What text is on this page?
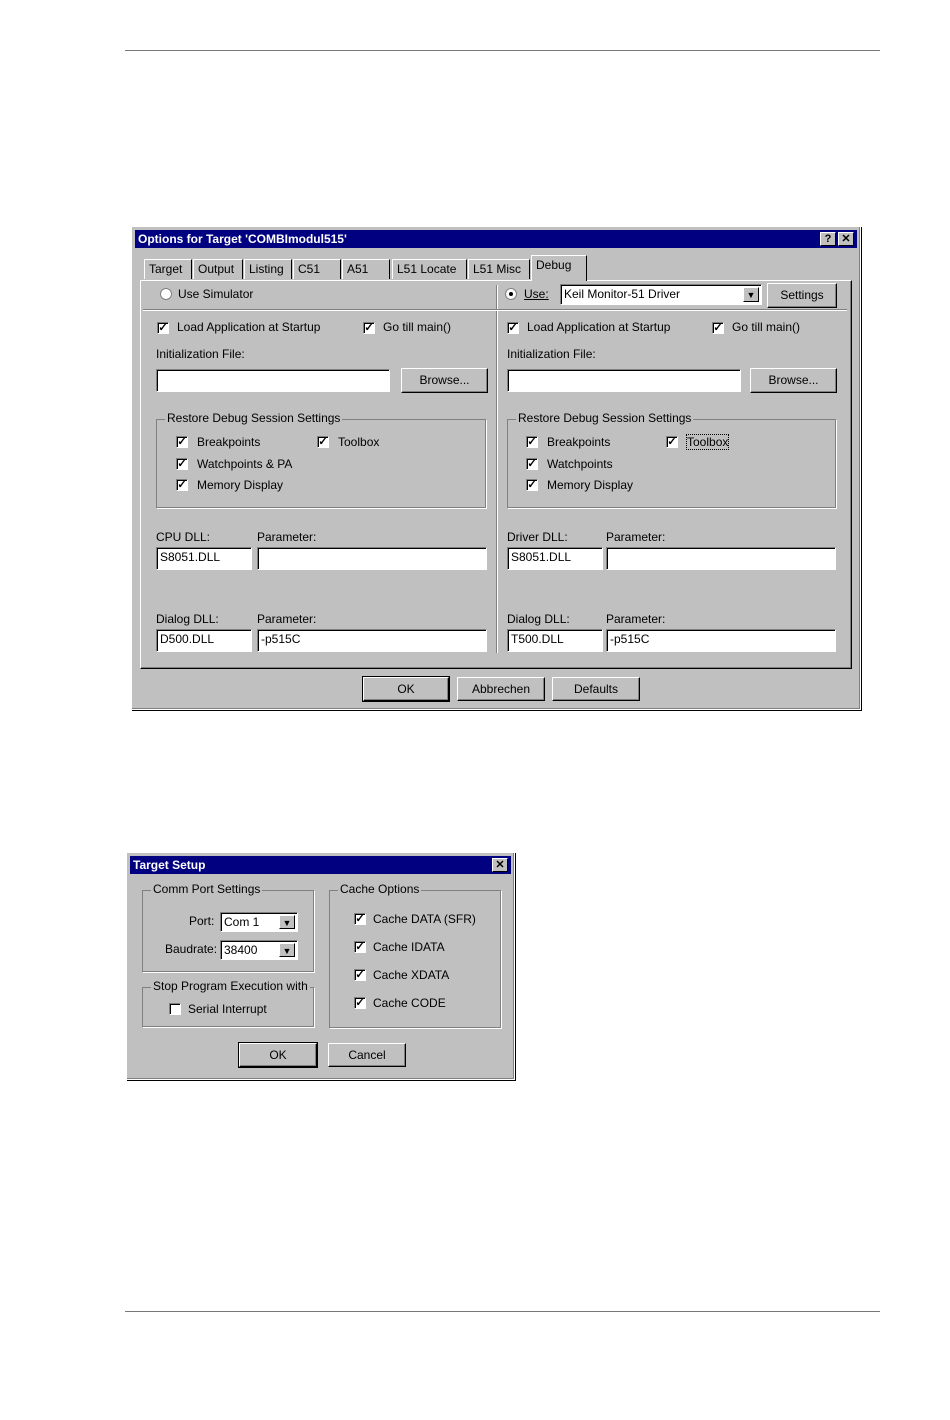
Options for Target 'COMBImodul515'	? ✕
Target	Output	Listing	C51	A51	L51 Locate	L51 Misc	Debug
Use Simulator
✓ Load Application at Startup	✓ Go till main()
Initialization File:
Browse...
Restore Debug Session Settings
✓ Breakpoints	✓ Toolbox
✓ Watchpoints & PA
✓ Memory Display
CPU DLL:	Parameter:
S8051.DLL
Dialog DLL:	Parameter:
D500.DLL	-p515C
Use:	Keil Monitor-51 Driver	▼	Settings
✓ Load Application at Startup	✓ Go till main()
Initialization File:
Browse...
Restore Debug Session Settings
✓ Breakpoints	✓ Toolbox
✓ Watchpoints
✓ Memory Display
Driver DLL:	Parameter:
S8051.DLL
Dialog DLL:	Parameter:
T500.DLL	-p515C
OK	Abbrechen	Defaults
Target Setup	✕
Comm Port Settings
Port: Com 1	▼
Baudrate: 38400	▼
Stop Program Execution with
Serial Interrupt
Cache Options
✓ Cache DATA (SFR)
✓ Cache IDATA
✓ Cache XDATA
✓ Cache CODE
OK	Cancel
